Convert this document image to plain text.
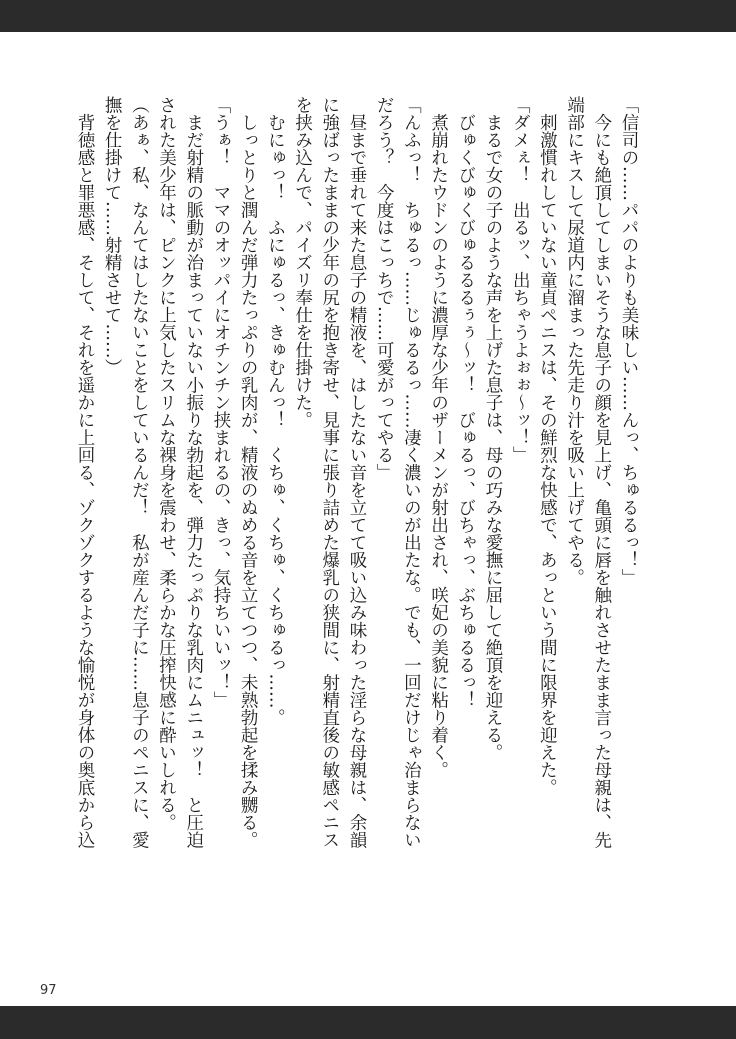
「信司の……パパのよりも美味しい……んっ、ちゅるるっ！」
　今にも絶頂してしまいそうな息子の顔を見上げ、亀頭に唇を触れさせたまま言った母親は、先
端部にキスして尿道内に溜まった先走り汁を吸い上げてやる。
　刺激慣れしていない童貞ペニスは、その鮮烈な快感で、あっという間に限界を迎えた。
「ダメぇ！　出るッ、出ちゃうよぉぉ～ッ！」
　まるで女の子のような声を上げた息子は、母の巧みな愛撫に屈して絶頂を迎える。
　びゅくびゅくびゅるるるぅぅ～ッ！　びゅるっ、びちゃっ、ぶちゅるるっ！
　煮崩れたウドンのように濃厚な少年のザーメンが射出され、咲妃の美貌に粘り着く。
「んふっ！　ちゅるっ……じゅるるっ……凄く濃いのが出たな。でも、一回だけじゃ治まらない
だろう？　今度はこっちで……可愛がってやる」
　昼まで垂れて来た息子の精液を、はしたない音を立てて吸い込み味わった淫らな母親は、余韻
に強ばったままの少年の尻を抱き寄せ、見事に張り詰めた爆乳の狭間に、射精直後の敏感ペニス
を挟み込んで、パイズリ奉仕を仕掛けた。
　むにゅっ！　ふにゅるっ、きゅむんっ！　くちゅ、くちゅ、くちゅるっ……。
　しっとりと潤んだ弾力たっぷりの乳肉が、精液のぬめる音を立てつつ、未熟勃起を揉み嬲る。
「うぁ！　ママのオッパイにオチンチン挟まれるの、きっ、気持ちいいッ！」
　まだ射精の脈動が治まっていない小振りな勃起を、弾力たっぷりな乳肉にムニュッ！　と圧迫
された美少年は、ピンクに上気したスリムな裸身を震わせ、柔らかな圧搾快感に酔いしれる。
（あぁ、私、なんてはしたないことをしているんだ！　私が産んだ子に……息子のペニスに、愛
撫を仕掛けて……射精させて……）
　背徳感と罪悪感、そして、それを遥かに上回る、ゾクゾクするような愉悦が身体の奥底から込
97
